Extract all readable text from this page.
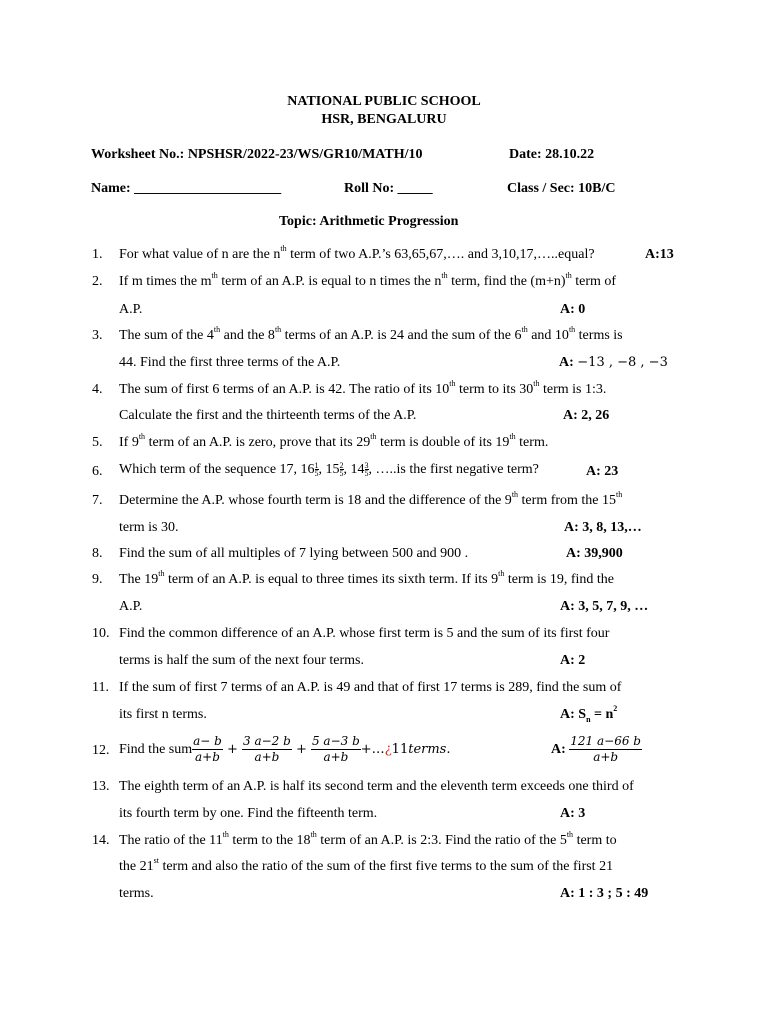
NATIONAL PUBLIC SCHOOL
HSR, BENGALURU
Worksheet No.: NPSHSR/2022-23/WS/GR10/MATH/10	Date: 28.10.22
Name: _____________________	Roll No: _____	Class / Sec: 10B/C
Topic: Arithmetic Progression
1.	For what value of n are the $n^{th}$ term of two A.P.’s 63,65,67,…. and 3,10,17,…..equal?	A:13
2.	If m times the $m^{th}$ term of an A.P. is equal to n times the $n^{th}$ term, find the $(m+n)^{th}$ term of
A.P.	A: 0
3.	The sum of the 4th and the 8th terms of an A.P. is 24 and the sum of the 6th and 10th terms is
44. Find the first three terms of the A.P.	A: −13 , −8 , −3
4.	The sum of first 6 terms of an A.P. is 42. The ratio of its 10th term to its 30th term is 1:3.
Calculate the first and the thirteenth terms of the A.P.	A: 2, 26
5.	If 9th term of an A.P. is zero, prove that its 29th term is double of its 19th term.
6.	Which term of the sequence 17, $16 \frac{1}{5}$, $15 \frac{2}{5}$, $14 \frac{3}{5}$, …..is the first negative term?	A: 23
7.	Determine the A.P. whose fourth term is 18 and the difference of the 9th term from the 15th
term is 30.	A: 3, 8, 13,…
8.	Find the sum of all multiples of 7 lying between 500 and 900 .	A: 39,900
9.	The 19th term of an A.P. is equal to three times its sixth term. If its 9th term is 19, find the
A.P.	A: 3, 5, 7, 9, …
10. Find the common difference of an A.P. whose first term is 5 and the sum of its first four
terms is half the sum of the next four terms.	A: 2
11. If the sum of first 7 terms of an A.P. is 49 and that of first 17 terms is 289, find the sum of
its first n terms.	A: $S_n = n^2$
12. Find the sum $\frac{a- b}{a+b} + \frac{3 a-2 b}{a+b} + \frac{5 a-3 b}{a+b}$ +…¿11terms.	A: $\frac{121 a-66 b}{a+b}$
13. The eighth term of an A.P. is half its second term and the eleventh term exceeds one third of
its fourth term by one. Find the fifteenth term.	A: 3
14. The ratio of the 11th term to the 18th term of an A.P. is 2:3. Find the ratio of the 5th term to
the 21st term and also the ratio of the sum of the first five terms to the sum of the first 21
terms.	A: 1 : 3 ; 5 : 49
